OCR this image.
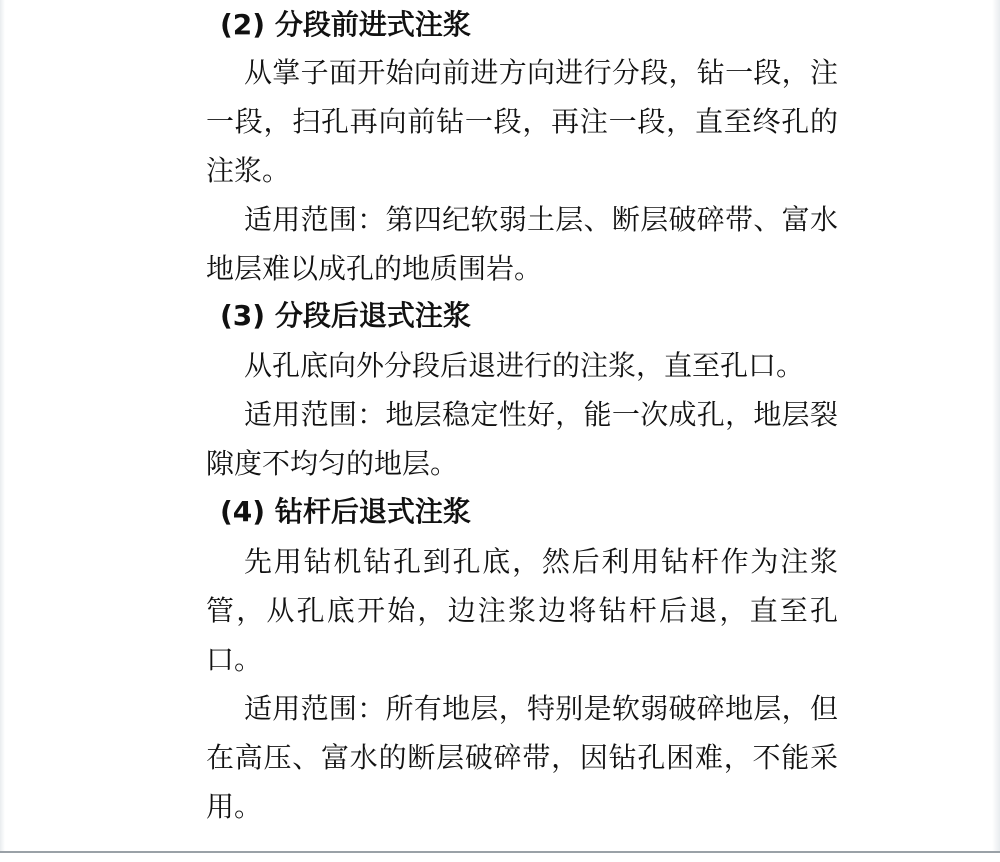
(2) 分段前进式注浆

从掌子面开始向前进方向进行分段，钻一段，注一段，扫孔再向前钻一段，再注一段，直至终孔的注浆。

适用范围：第四纪软弱土层、断层破碎带、富水地层难以成孔的地质围岩。

(3) 分段后退式注浆

从孔底向外分段后退进行的注浆，直至孔口。

适用范围：地层稳定性好，能一次成孔，地层裂隙度不均匀的地层。

(4) 钻杆后退式注浆

先用钻机钻孔到孔底，然后利用钻杆作为注浆管，从孔底开始，边注浆边将钻杆后退，直至孔口。

适用范围：所有地层，特别是软弱破碎地层，但在高压、富水的断层破碎带，因钻孔困难，不能采用。
